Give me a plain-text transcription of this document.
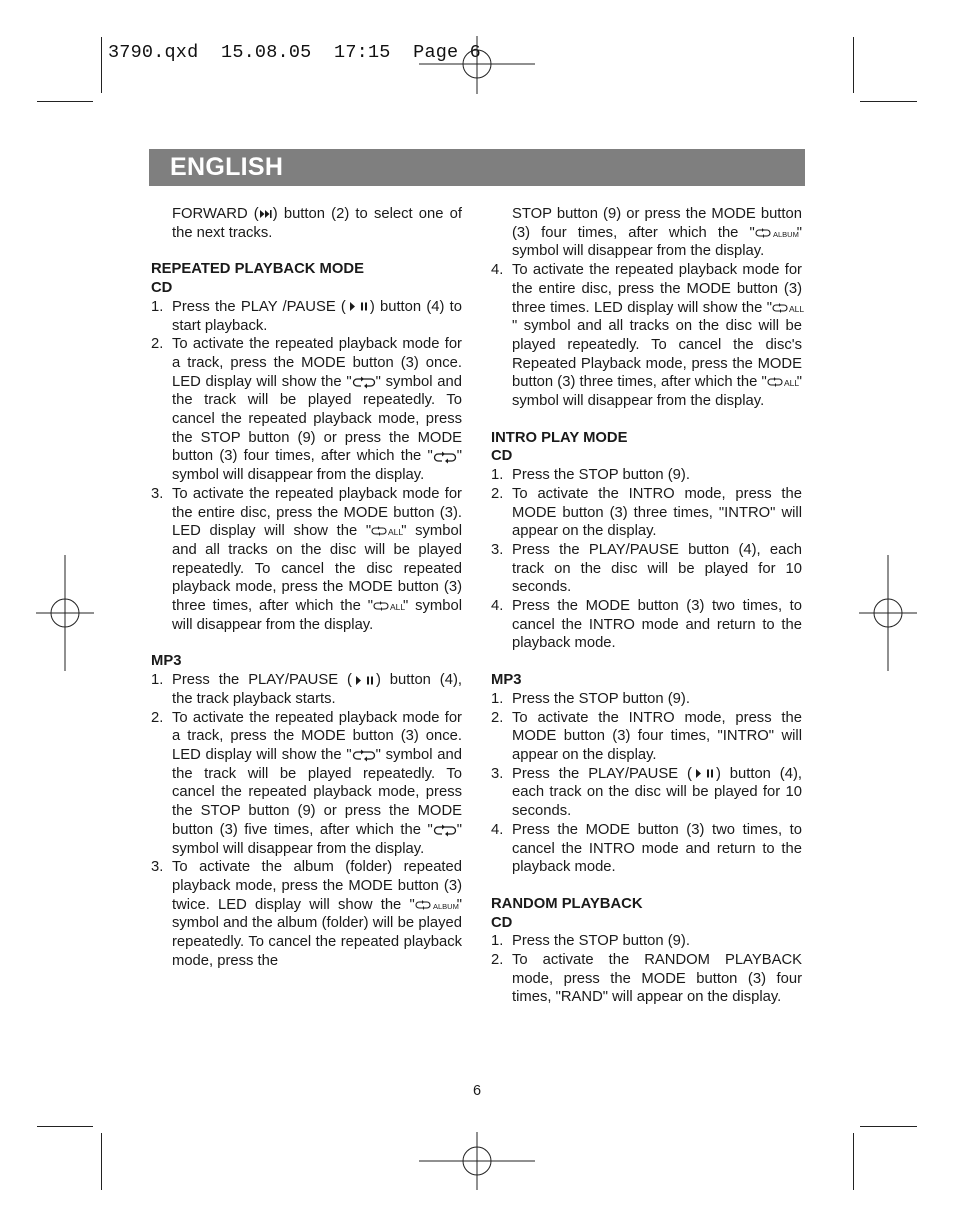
3790.qxd  15.08.05  17:15  Page 6
ENGLISH

FORWARD ( ) button (2) to select one of the next tracks.

REPEATED PLAYBACK MODE

CD

1. Press the PLAY /PAUSE ( ) button (4) to start playback.
2. To activate the repeated playback mode for a track, press the MODE button (3) once. LED display will show the " " symbol and the track will be played repeatedly. To cancel the repeated playback mode, press the STOP button (9) or press the MODE button (3) four times, after which the " " symbol will disappear from the display.
3. To activate the repeated playback mode for the entire disc, press the MODE button (3). LED display will show the " ALL
" symbol and all tracks on the disc will be played repeatedly. To cancel the disc repeated playback mode, press the MODE button (3) three times, after which the " ALL
" symbol will disappear from the display.

MP3

1. Press the PLAY/PAUSE ( ) button (4), the track playback starts.
2. To activate the repeated playback mode for a track, press the MODE button (3) once. LED display will show the " " symbol and the track will be played repeatedly. To cancel the repeated playback mode, press the STOP button (9) or press the MODE button (3) five times, after which the " " symbol will disappear from the display.
3. To activate the album (folder) repeated playback mode, press the MODE button (3) twice. LED display will show the " ALBUM
" symbol and the album (folder) will be played repeatedly. To cancel the repeated playback mode, press the

STOP button (9) or press the MODE button (3) four times, after which the " ALBUM
" symbol will disappear from the display.

4. To activate the repeated playback mode for the entire disc, press the MODE button (3) three times. LED display will show the " ALL
" symbol and all tracks on the disc will be played repeatedly. To cancel the disc's Repeated Playback mode, press the MODE button (3) three times, after which the " ALL
" symbol will disappear from the display.

INTRO PLAY MODE

CD

1. Press the STOP button (9).
2. To activate the INTRO mode, press the MODE button (3) three times, "INTRO" will appear on the display.
3. Press the PLAY/PAUSE button (4), each track on the disc will be played for 10 seconds.
4. Press the MODE button (3) two times, to cancel the INTRO mode and return to the playback mode.

MP3

1. Press the STOP button (9).
2. To activate the INTRO mode, press the MODE button (3) four times, "INTRO" will appear on the display.
3. Press the PLAY/PAUSE ( ) button (4), each track on the disc will be played for 10 seconds.
4. Press the MODE button (3) two times, to cancel the INTRO mode and return to the playback mode.

RANDOM PLAYBACK

CD

1. Press the STOP button (9).
2. To activate the RANDOM PLAYBACK mode, press the MODE button (3) four times, "RAND" will appear on the display.
6
